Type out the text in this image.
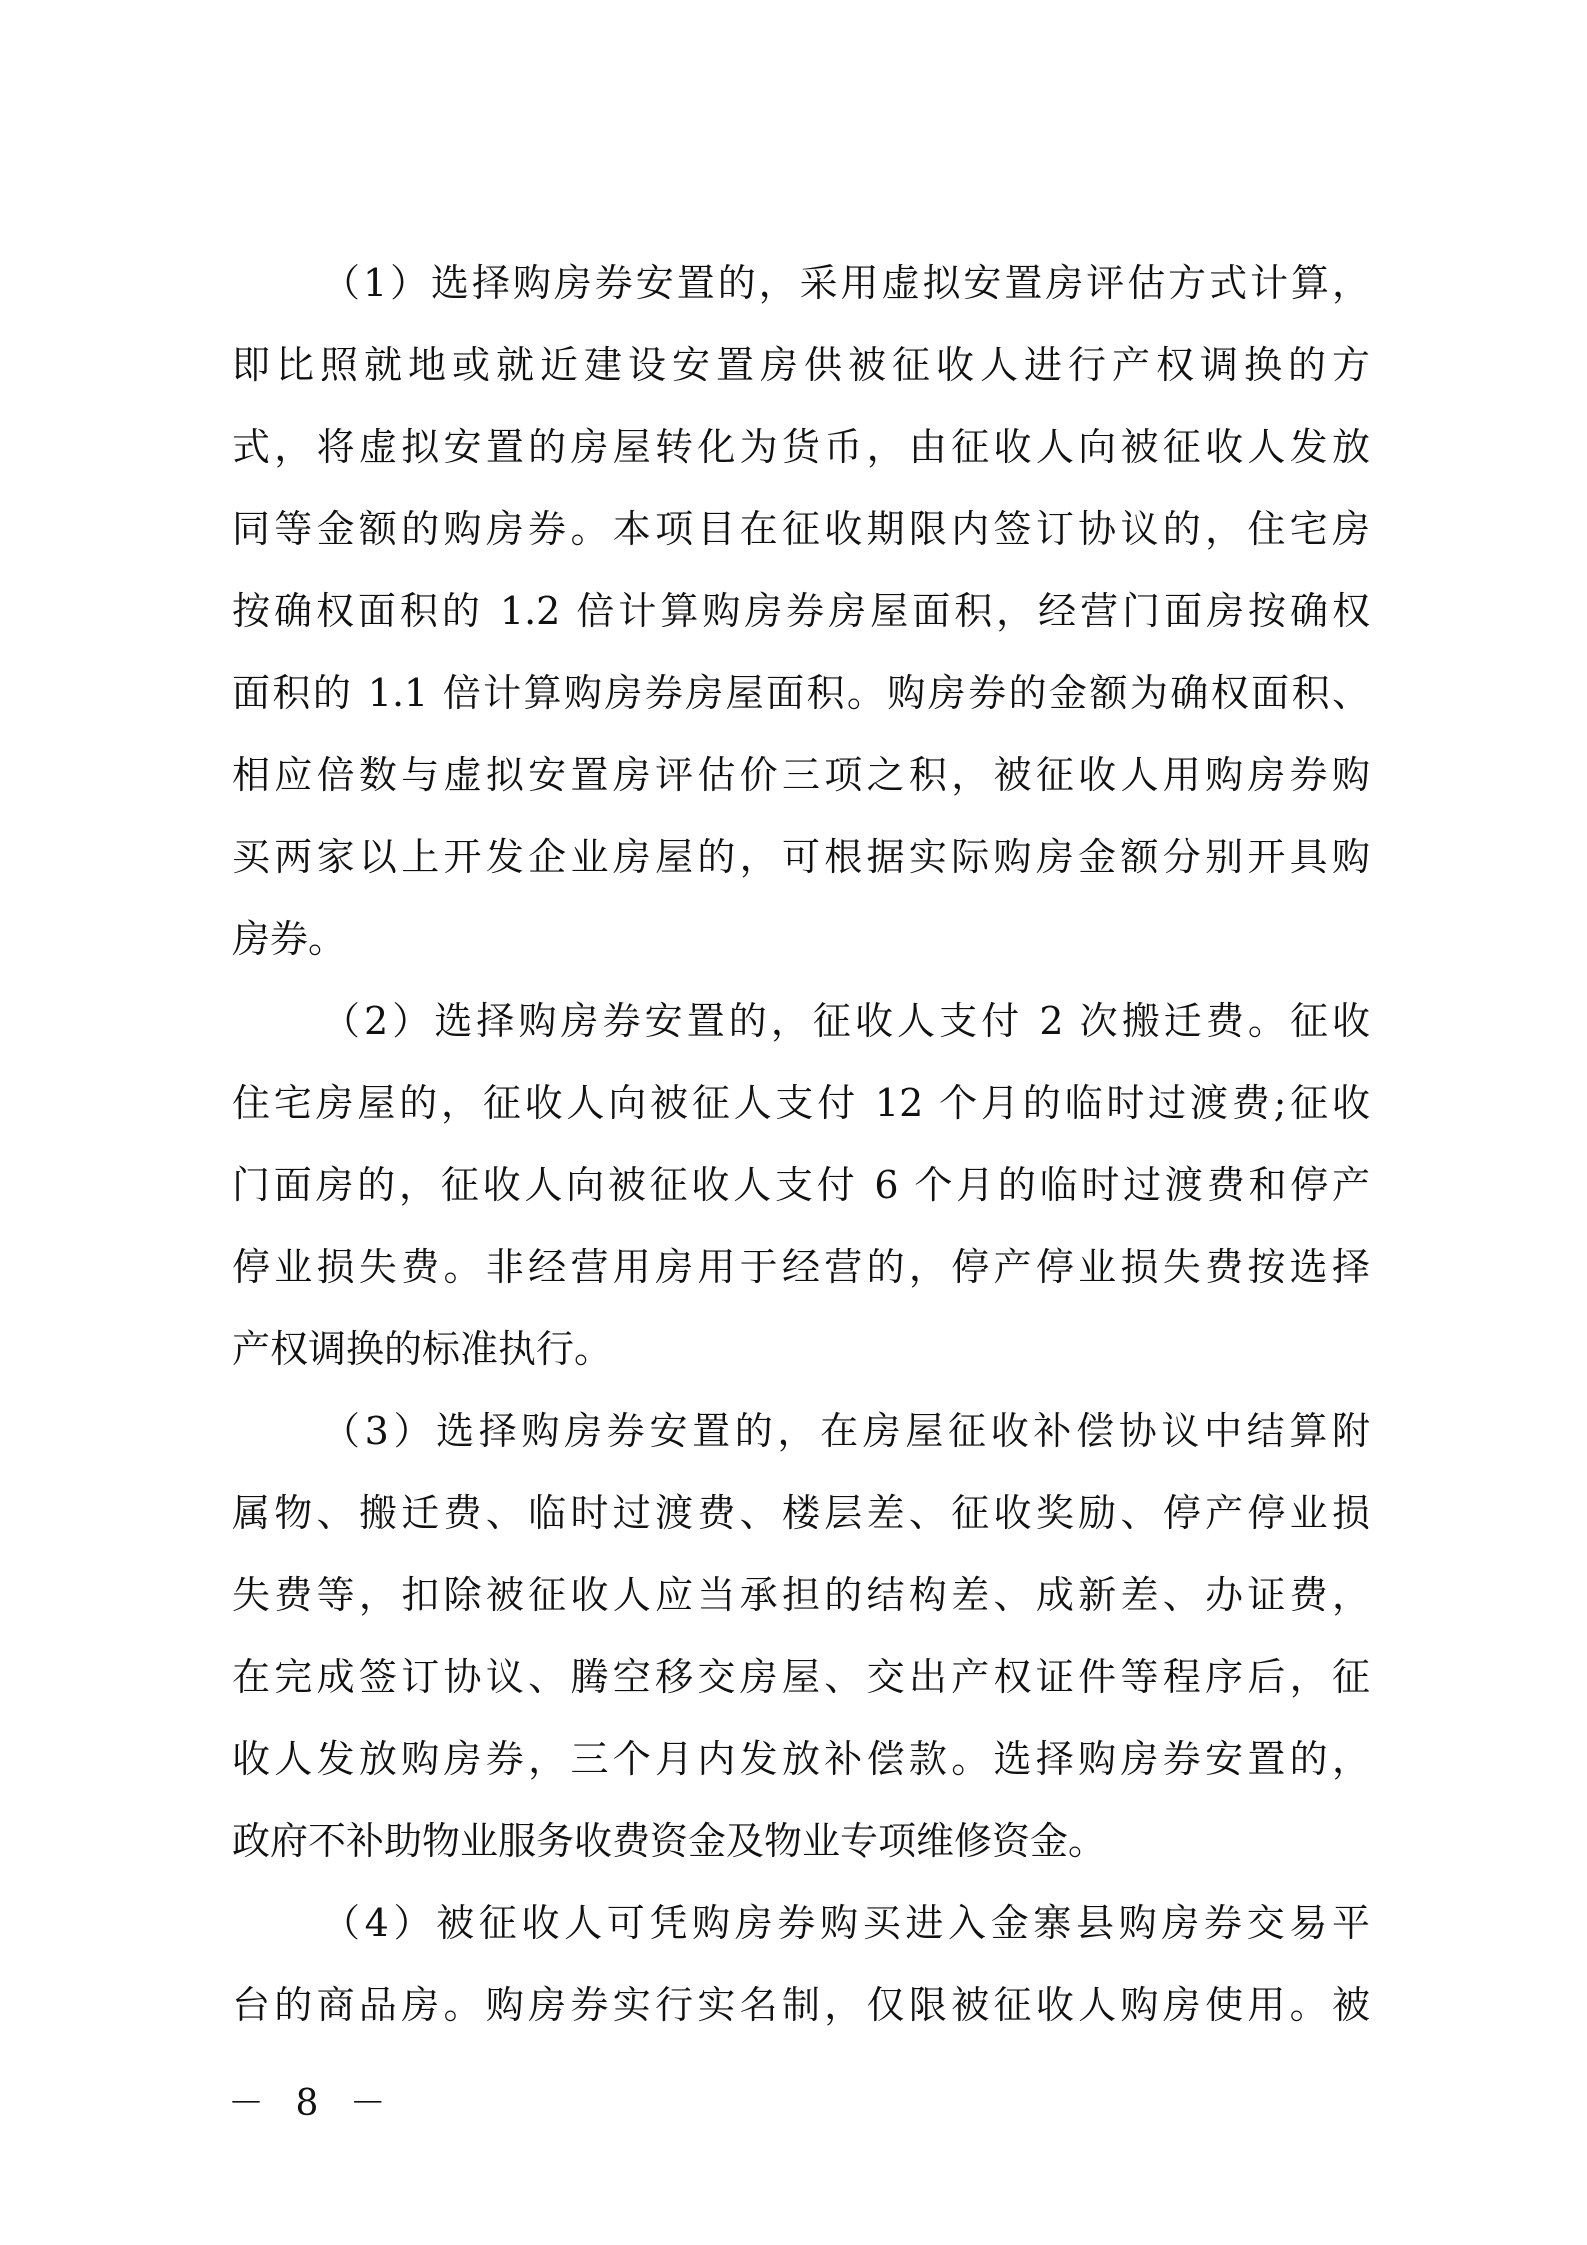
（1）选择购房券安置的，采用虚拟安置房评估方式计算，
即比照就地或就近建设安置房供被征收人进行产权调换的方
式，将虚拟安置的房屋转化为货币，由征收人向被征收人发放
同等金额的购房券。本项目在征收期限内签订协议的，住宅房
按确权面积的 1.2 倍计算购房券房屋面积，经营门面房按确权
面积的 1.1 倍计算购房券房屋面积。购房券的金额为确权面积、
相应倍数与虚拟安置房评估价三项之积，被征收人用购房券购
买两家以上开发企业房屋的，可根据实际购房金额分别开具购
房券。
（2）选择购房券安置的，征收人支付 2 次搬迁费。征收
住宅房屋的，征收人向被征人支付 12 个月的临时过渡费;征收
门面房的，征收人向被征收人支付 6 个月的临时过渡费和停产
停业损失费。非经营用房用于经营的，停产停业损失费按选择
产权调换的标准执行。
（3）选择购房券安置的，在房屋征收补偿协议中结算附
属物、搬迁费、临时过渡费、楼层差、征收奖励、停产停业损
失费等，扣除被征收人应当承担的结构差、成新差、办证费，
在完成签订协议、腾空移交房屋、交出产权证件等程序后，征
收人发放购房券，三个月内发放补偿款。选择购房券安置的，
政府不补助物业服务收费资金及物业专项维修资金。
（4）被征收人可凭购房券购买进入金寨县购房券交易平
台的商品房。购房券实行实名制，仅限被征收人购房使用。被
－ 8 －
